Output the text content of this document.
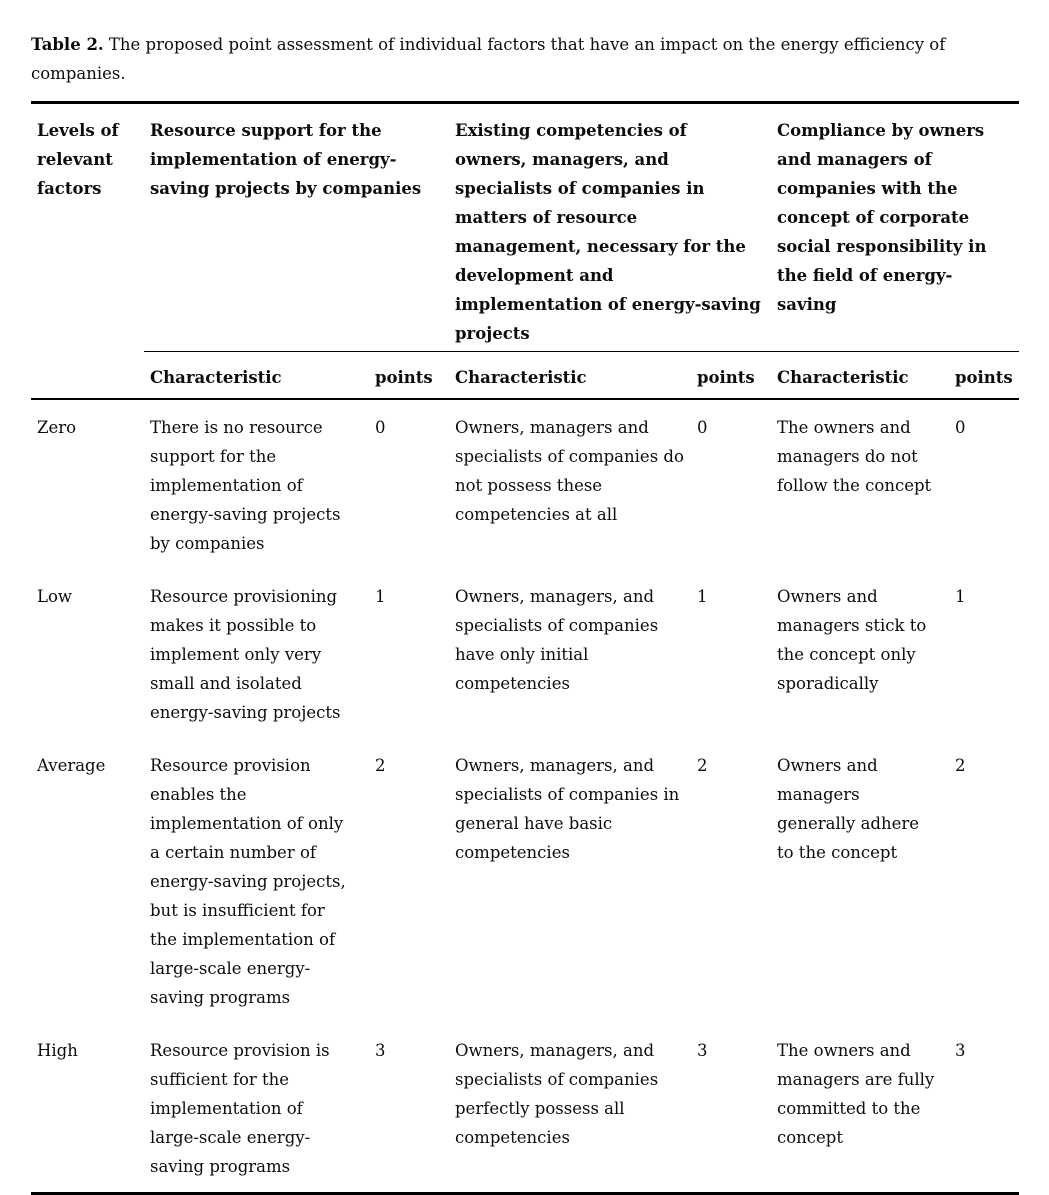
Table 2. The proposed point assessment of individual factors that have an impact on the energy efficiency of companies.

Levels of relevant factors	Resource support for the implementation of energy-saving projects by companies		Existing competencies of owners, managers, and specialists of companies in matters of resource management, necessary for the development and implementation of energy-saving projects		Compliance by owners and managers of companies with the concept of corporate social responsibility in the field of energy-saving	
	Characteristic	points	Characteristic	points	Characteristic	points
Zero	There is no resource support for the implementation of energy-saving projects by companies	0	Owners, managers and specialists of companies do not possess these competencies at all	0	The owners and managers do not follow the concept	0
Low	Resource provisioning makes it possible to implement only very small and isolated energy-saving projects	1	Owners, managers, and specialists of companies have only initial competencies	1	Owners and managers stick to the concept only sporadically	1
Average	Resource provision enables the implementation of only a certain number of energy-saving projects, but is insufficient for the implementation of large-scale energy-saving programs	2	Owners, managers, and specialists of companies in general have basic competencies	2	Owners and managers generally adhere to the concept	2
High	Resource provision is sufficient for the implementation of large-scale energy-saving programs	3	Owners, managers, and specialists of companies perfectly possess all competencies	3	The owners and managers are fully committed to the concept	3
